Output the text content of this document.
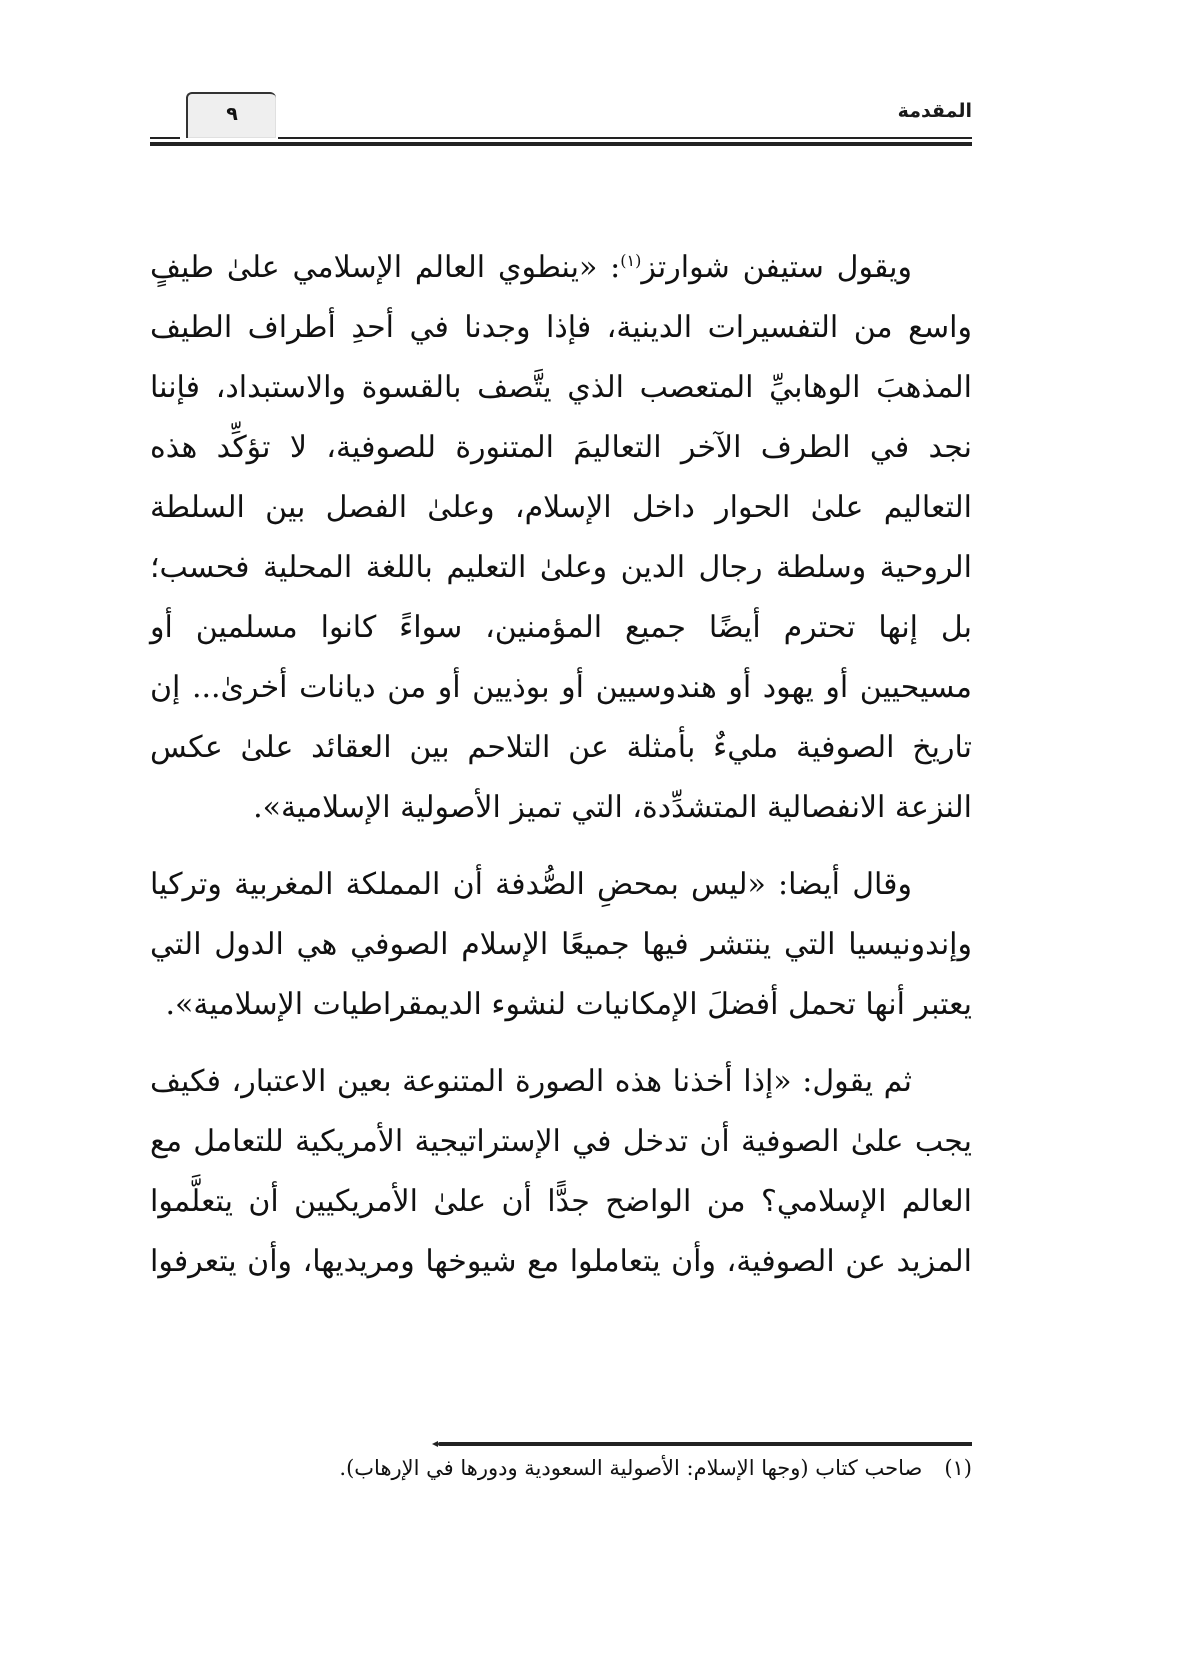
المقدمة
٩

ويقول ستيفن شوارتز$^{(١)}$: «ينطوي العالم الإسلامي علىٰ طيفٍ واسع من التفسيرات الدينية، فإذا وجدنا في أحدِ أطراف الطيف المذهبَ الوهابيِّ المتعصب الذي يتَّصف بالقسوة والاستبداد، فإننا نجد في الطرف الآخر التعاليمَ المتنورة للصوفية، لا تؤكِّد هذه التعاليم علىٰ الحوار داخل الإسلام، وعلىٰ الفصل بين السلطة الروحية وسلطة رجال الدين وعلىٰ التعليم باللغة المحلية فحسب؛ بل إنها تحترم أيضًا جميع المؤمنين، سواءً كانوا مسلمين أو مسيحيين أو يهود أو هندوسيين أو بوذيين أو من ديانات أخرىٰ... إن تاريخ الصوفية مليءٌ بأمثلة عن التلاحم بين العقائد علىٰ عكس النزعة الانفصالية المتشدِّدة، التي تميز الأصولية الإسلامية».

وقال أيضا: «ليس بمحضِ الصُّدفة أن المملكة المغربية وتركيا وإندونيسيا التي ينتشر فيها جميعًا الإسلام الصوفي هي الدول التي يعتبر أنها تحمل أفضلَ الإمكانيات لنشوء الديمقراطيات الإسلامية».

ثم يقول: «إذا أخذنا هذه الصورة المتنوعة بعين الاعتبار، فكيف يجب علىٰ الصوفية أن تدخل في الإستراتيجية الأمريكية للتعامل مع العالم الإسلامي؟ من الواضح جدًّا أن علىٰ الأمريكيين أن يتعلَّموا المزيد عن الصوفية، وأن يتعاملوا مع شيوخها ومريديها، وأن يتعرفوا

(١)صاحب كتاب (وجها الإسلام: الأصولية السعودية ودورها في الإرهاب).
